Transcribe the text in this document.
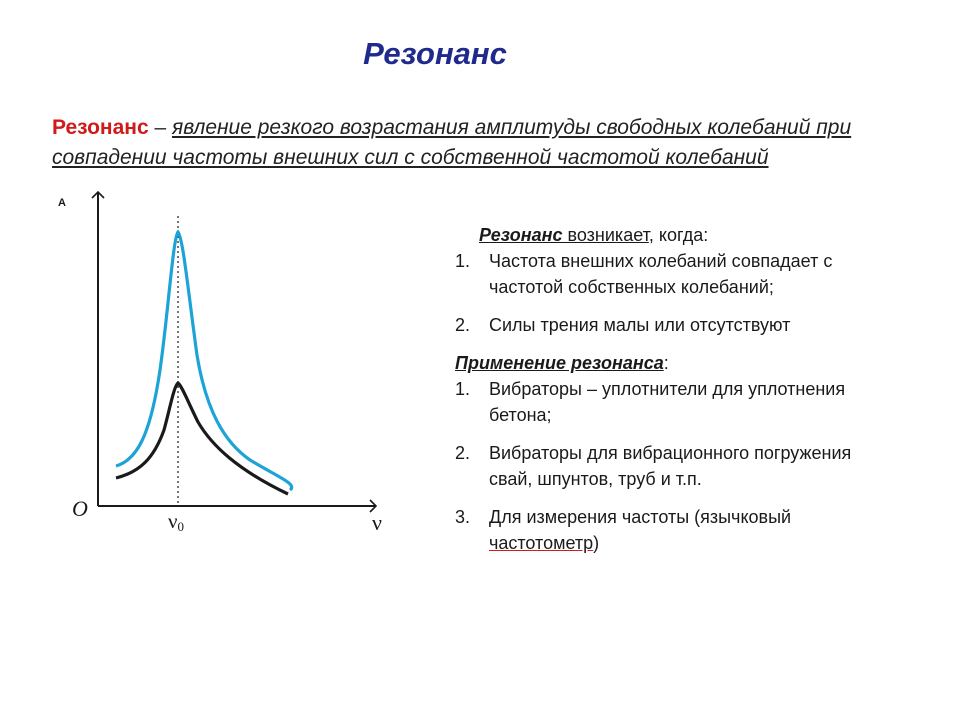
Резонанс
Резонанс – явление резкого возрастания амплитуды свободных колебаний при совпадении частоты внешних сил с собственной частотой колебаний
A
O
ν
ν0
Резонанс возникает, когда:
1. Частота внешних колебаний совпадает с частотой собственных колебаний;
2. Силы трения малы или отсутствуют
Применение резонанса:
1. Вибраторы – уплотнители для уплотнения бетона;
2. Вибраторы для вибрационного погружения свай, шпунтов, труб и т.п.
3. Для измерения частоты (язычковый частотометр)
